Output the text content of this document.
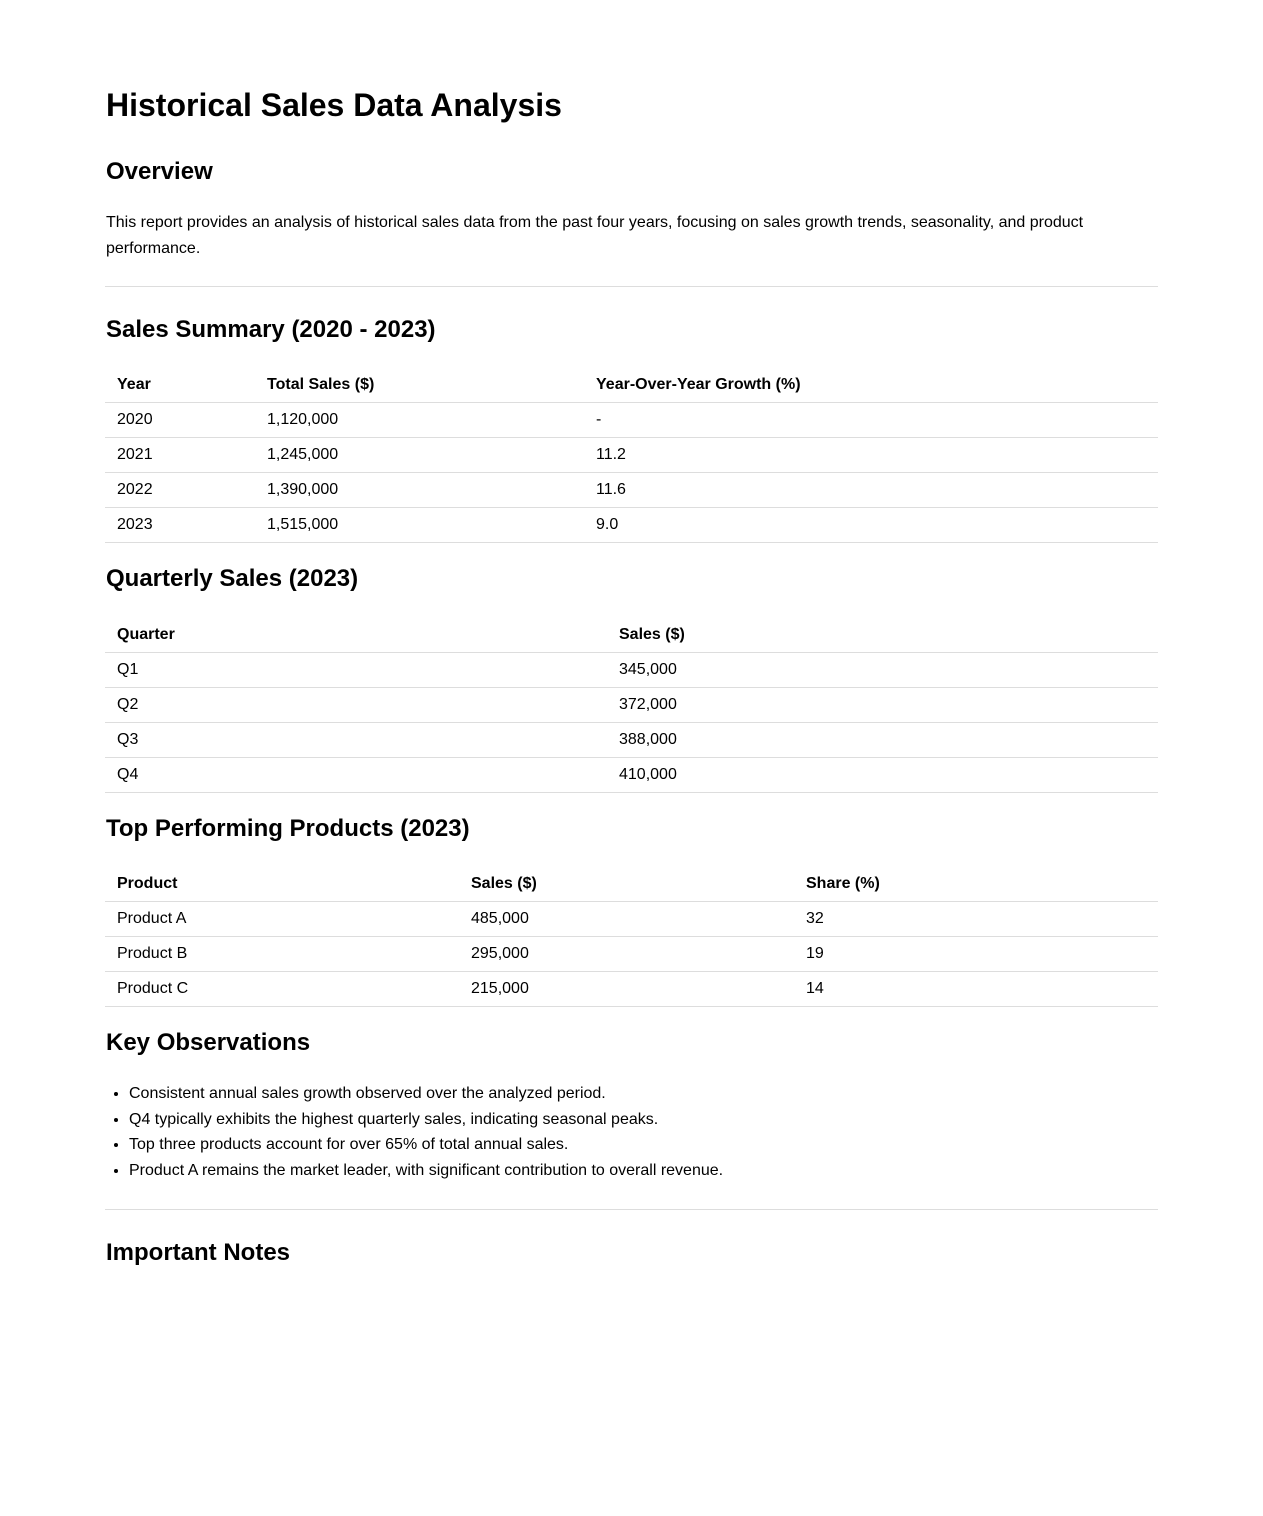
Historical Sales Data Analysis
Overview
This report provides an analysis of historical sales data from the past four years, focusing on sales growth trends, seasonality, and product performance.
Sales Summary (2020 - 2023)
Year	Total Sales ($)	Year-Over-Year Growth (%)
2020	1,120,000	-
2021	1,245,000	11.2
2022	1,390,000	11.6
2023	1,515,000	9.0
Quarterly Sales (2023)
Quarter	Sales ($)
Q1	345,000
Q2	372,000
Q3	388,000
Q4	410,000
Top Performing Products (2023)
Product	Sales ($)	Share (%)
Product A	485,000	32
Product B	295,000	19
Product C	215,000	14
Key Observations
• Consistent annual sales growth observed over the analyzed period.
• Q4 typically exhibits the highest quarterly sales, indicating seasonal peaks.
• Top three products account for over 65% of total annual sales.
• Product A remains the market leader, with significant contribution to overall revenue.
Important Notes
